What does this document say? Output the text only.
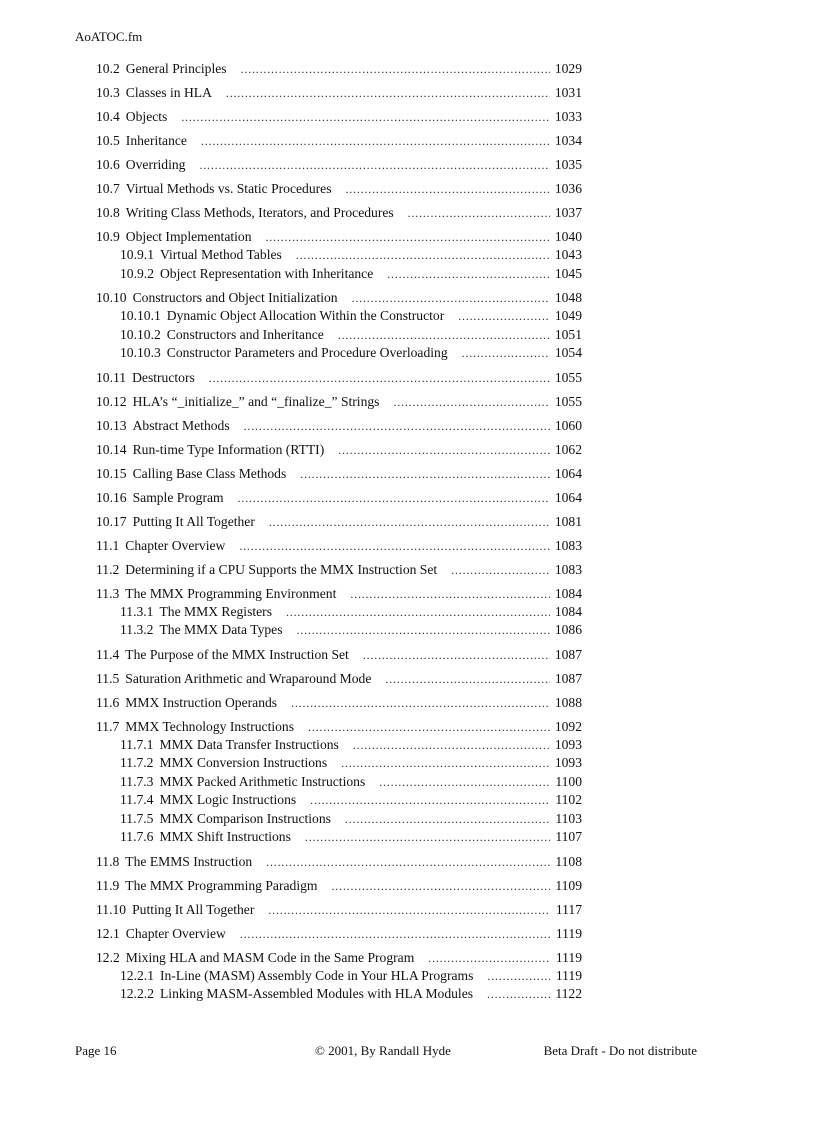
AoATOC.fm
10.2 General Principles .....	1029
10.3 Classes in HLA .....	1031
10.4 Objects .....	1033
10.5 Inheritance .....	1034
10.6 Overriding .....	1035
10.7 Virtual Methods vs. Static Procedures .....	1036
10.8 Writing Class Methods, Iterators, and Procedures .....	1037
10.9 Object Implementation .....	1040
10.9.1 Virtual Method Tables .....	1043
10.9.2 Object Representation with Inheritance .....	1045
10.10 Constructors and Object Initialization .....	1048
10.10.1 Dynamic Object Allocation Within the Constructor .....	1049
10.10.2 Constructors and Inheritance .....	1051
10.10.3 Constructor Parameters and Procedure Overloading .....	1054
10.11 Destructors .....	1055
10.12 HLA’s “_initialize_” and “_finalize_” Strings .....	1055
10.13 Abstract Methods .....	1060
10.14 Run-time Type Information (RTTI) .....	1062
10.15 Calling Base Class Methods .....	1064
10.16 Sample Program .....	1064
10.17 Putting It All Together .....	1081
11.1 Chapter Overview .....	1083
11.2 Determining if a CPU Supports the MMX Instruction Set .....	1083
11.3 The MMX Programming Environment .....	1084
11.3.1 The MMX Registers .....	1084
11.3.2 The MMX Data Types .....	1086
11.4 The Purpose of the MMX Instruction Set .....	1087
11.5 Saturation Arithmetic and Wraparound Mode .....	1087
11.6 MMX Instruction Operands .....	1088
11.7 MMX Technology Instructions .....	1092
11.7.1 MMX Data Transfer Instructions .....	1093
11.7.2 MMX Conversion Instructions .....	1093
11.7.3 MMX Packed Arithmetic Instructions .....	1100
11.7.4 MMX Logic Instructions .....	1102
11.7.5 MMX Comparison Instructions .....	1103
11.7.6 MMX Shift Instructions .....	1107
11.8 The EMMS Instruction .....	1108
11.9 The MMX Programming Paradigm .....	1109
11.10 Putting It All Together .....	1117
12.1 Chapter Overview .....	1119
12.2 Mixing HLA and MASM Code in the Same Program .....	1119
12.2.1 In-Line (MASM) Assembly Code in Your HLA Programs .....	1119
12.2.2 Linking MASM-Assembled Modules with HLA Modules .....	1122
Page 16	© 2001, By Randall Hyde	Beta Draft - Do not distribute
